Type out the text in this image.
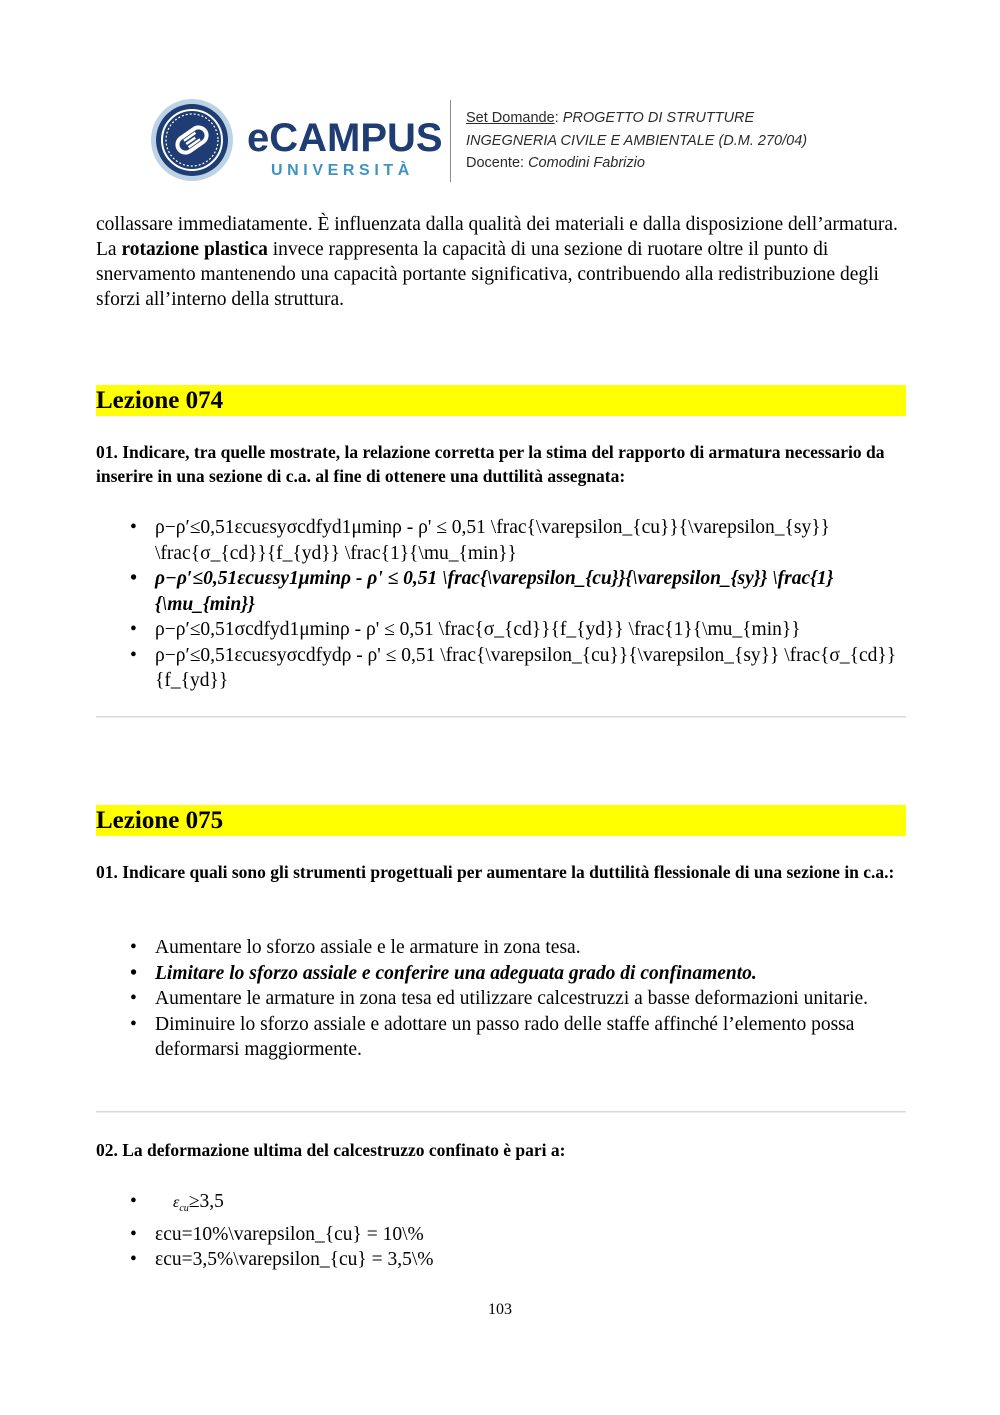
eCAMPUS
UNIVERSITÀ
Set Domande: PROGETTO DI STRUTTURE
INGEGNERIA CIVILE E AMBIENTALE (D.M. 270/04)
Docente: Comodini Fabrizio
collassare immediatamente. È influenzata dalla qualità dei materiali e dalla disposizione dell’armatura. La rotazione plastica invece rappresenta la capacità di una sezione di ruotare oltre il punto di snervamento mantenendo una capacità portante significativa, contribuendo alla redistribuzione degli sforzi all’interno della struttura.
Lezione 074
01. Indicare, tra quelle mostrate, la relazione corretta per la stima del rapporto di armatura necessario da inserire in una sezione di c.a. al fine di ottenere una duttilità assegnata:
• ρ−ρ′≤0,51εcuεsyσcdfyd1μminρ - ρ' ≤ 0,51 \frac{\varepsilon_{cu}}{\varepsilon_{sy}} \frac{σ_{cd}}{f_{yd}} \frac{1}{\mu_{min}}
• ρ−ρ′≤0,51εcuεsy1μminρ - ρ' ≤ 0,51 \frac{\varepsilon_{cu}}{\varepsilon_{sy}} \frac{1}{\mu_{min}}
• ρ−ρ′≤0,51σcdfyd1μminρ - ρ' ≤ 0,51 \frac{σ_{cd}}{f_{yd}} \frac{1}{\mu_{min}}
• ρ−ρ′≤0,51εcuεsyσcdfydρ - ρ' ≤ 0,51 \frac{\varepsilon_{cu}}{\varepsilon_{sy}} \frac{σ_{cd}}{f_{yd}}
Lezione 075
01. Indicare quali sono gli strumenti progettuali per aumentare la duttilità flessionale di una sezione in c.a.:
• Aumentare lo sforzo assiale e le armature in zona tesa.
• Limitare lo sforzo assiale e conferire una adeguata grado di confinamento.
• Aumentare le armature in zona tesa ed utilizzare calcestruzzi a basse deformazioni unitarie.
• Diminuire lo sforzo assiale e adottare un passo rado delle staffe affinché l’elemento possa deformarsi maggiormente.
02. La deformazione ultima del calcestruzzo confinato è pari a:
• $\varepsilon_{cu}\ge 3,5$
• εcu=10%\varepsilon_{cu} = 10\%
• εcu=3,5%\varepsilon_{cu} = 3,5\%
103
